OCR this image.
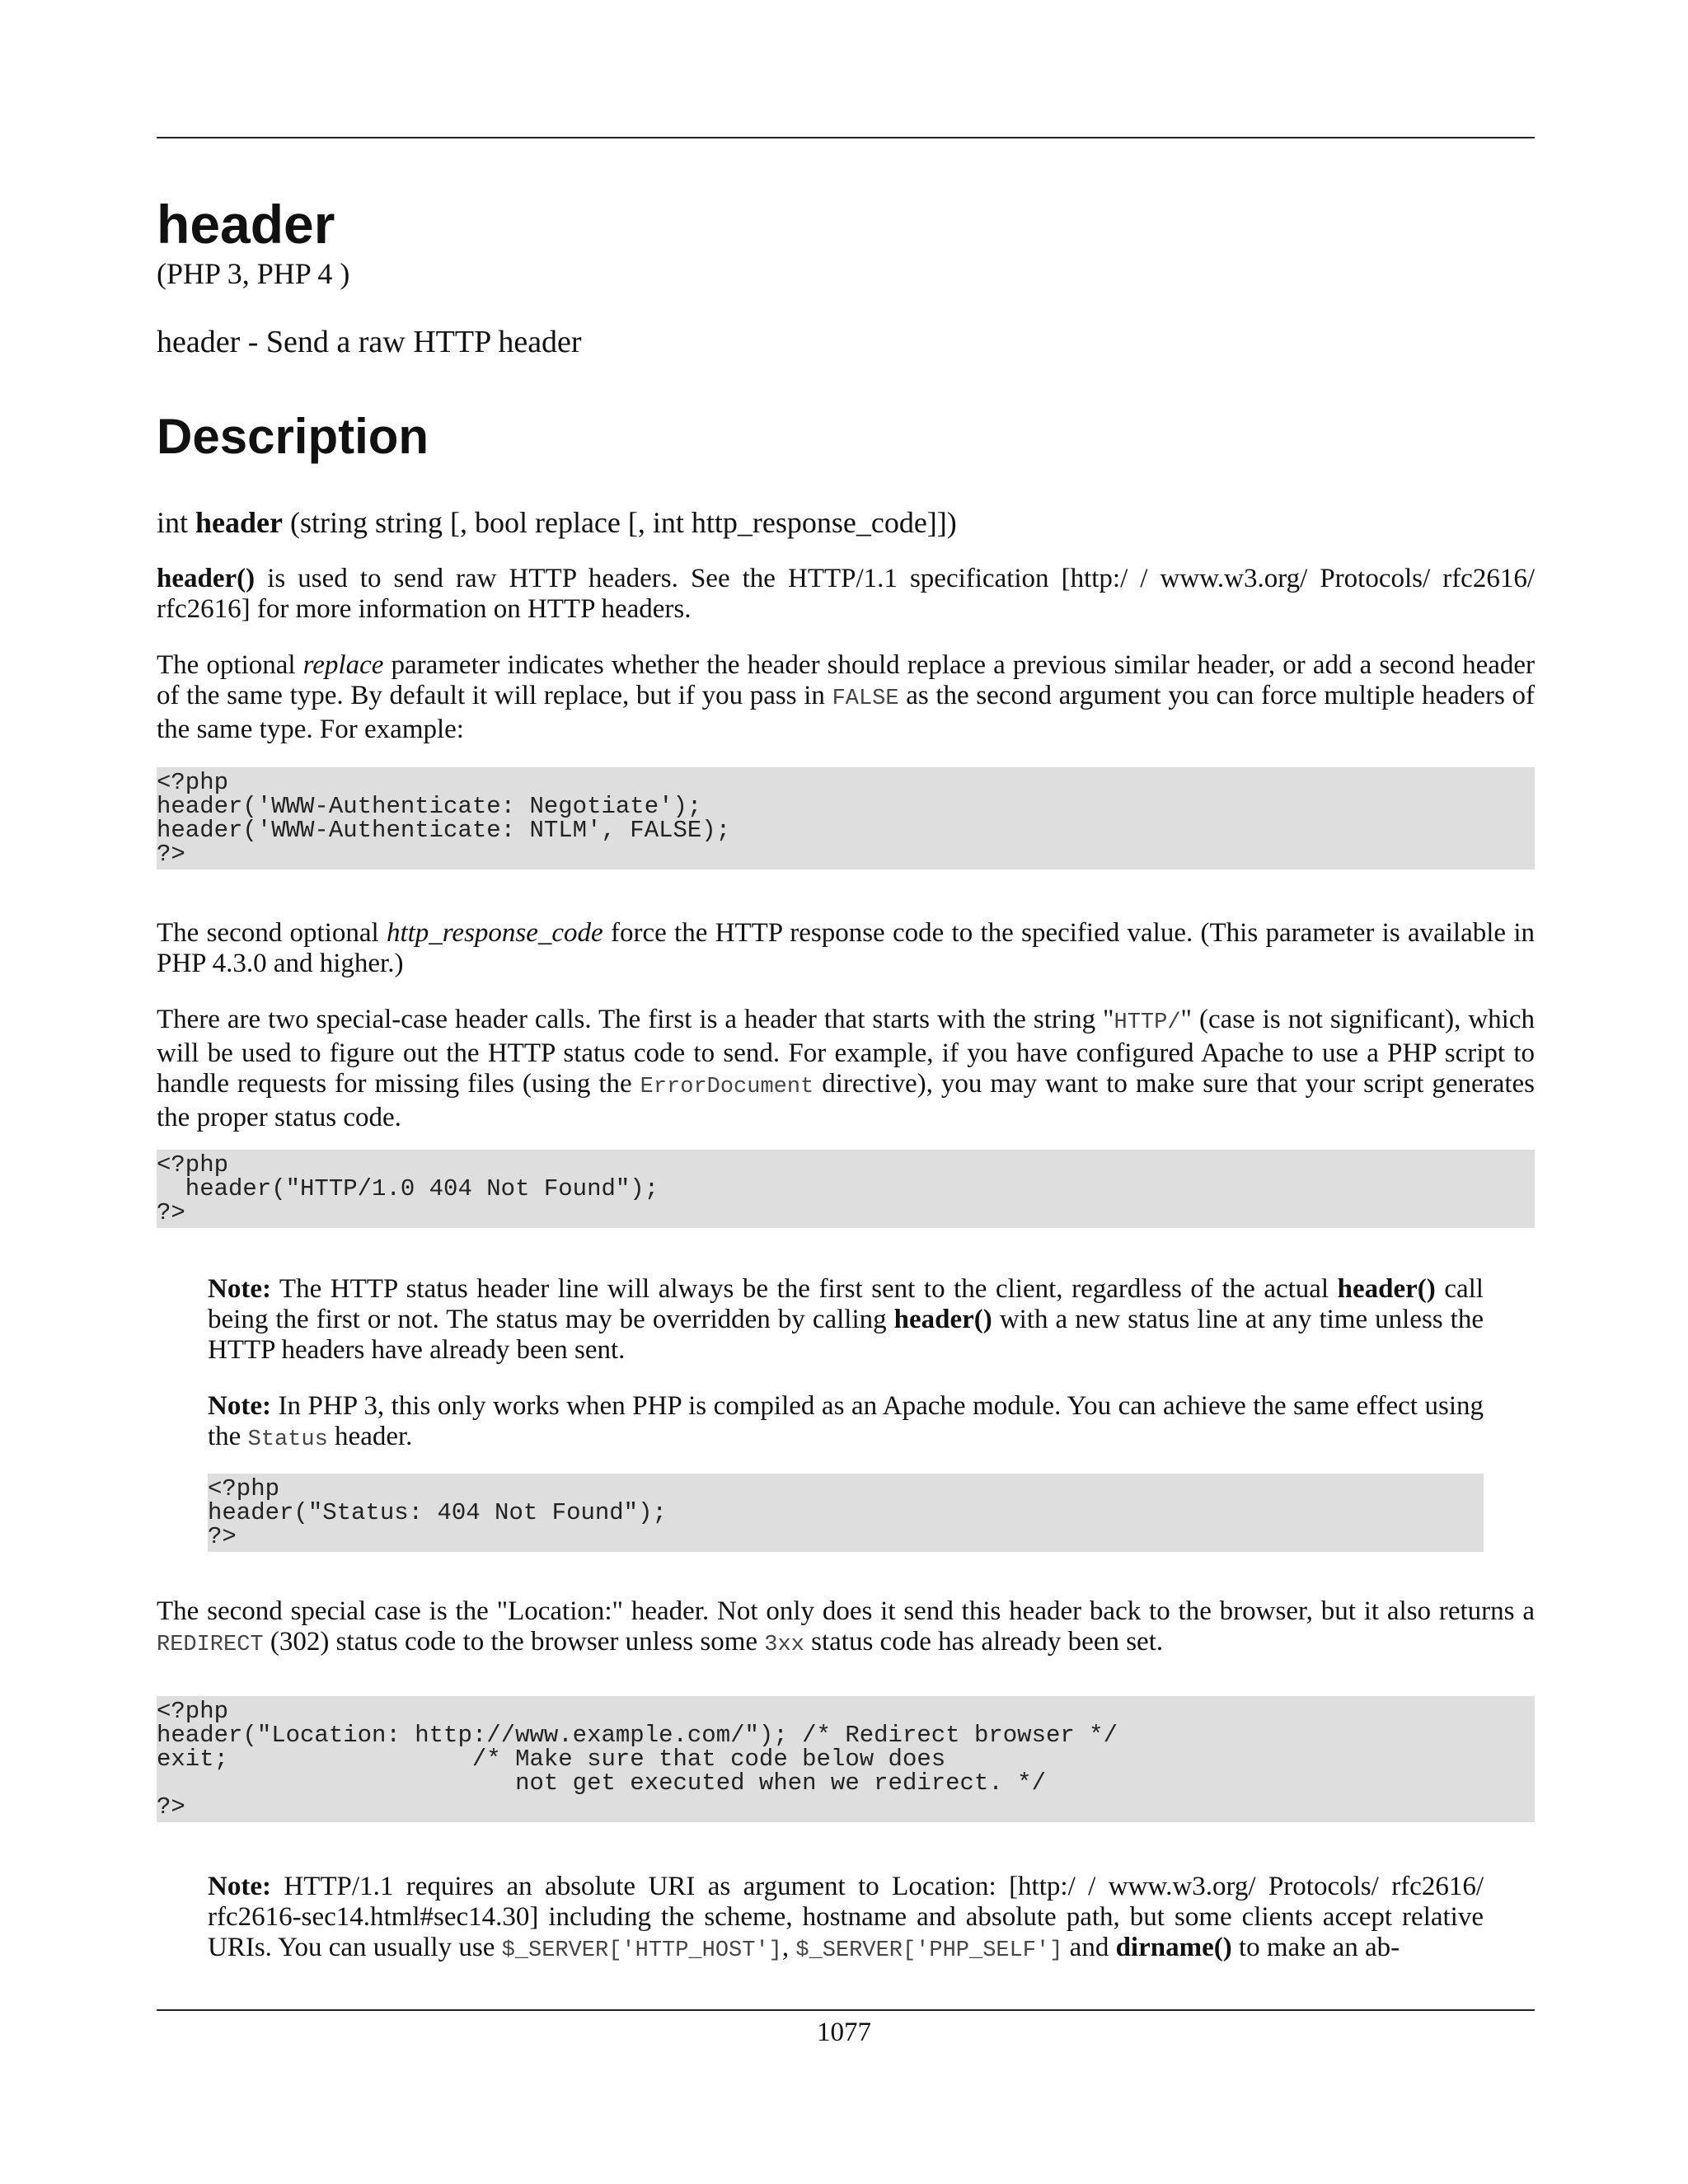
header
(PHP 3, PHP 4 )
header - Send a raw HTTP header
Description

int header (string string [, bool replace [, int http_response_code]])

header() is used to send raw HTTP headers. See the HTTP/1.1 specification [http:/ / www.w3.org/ Protocols/ rfc2616/ rfc2616] for more information on HTTP headers.

The optional replace parameter indicates whether the header should replace a previous similar header, or add a second header of the same type. By default it will replace, but if you pass in FALSE as the second argument you can force multiple headers of the same type. For example:

<?php
header('WWW-Authenticate: Negotiate');
header('WWW-Authenticate: NTLM', FALSE);
?>

The second optional http_response_code force the HTTP response code to the specified value. (This parameter is available in PHP 4.3.0 and higher.)

There are two special-case header calls. The first is a header that starts with the string "HTTP/" (case is not significant), which will be used to figure out the HTTP status code to send. For example, if you have configured Apache to use a PHP script to handle requests for missing files (using the ErrorDocument directive), you may want to make sure that your script generates the proper status code.

<?php
header("HTTP/1.0 404 Not Found");
?>

Note: The HTTP status header line will always be the first sent to the client, regardless of the actual header() call being the first or not. The status may be overridden by calling header() with a new status line at any time unless the HTTP headers have already been sent.

Note: In PHP 3, this only works when PHP is compiled as an Apache module. You can achieve the same effect using the Status header.

<?php
header("Status: 404 Not Found");
?>

The second special case is the "Location:" header. Not only does it send this header back to the browser, but it also returns a REDIRECT (302) status code to the browser unless some 3xx status code has already been set.

<?php
header("Location: http://www.example.com/"); /* Redirect browser */
exit;                 /* Make sure that code below does
not get executed when we redirect. */
?>

Note: HTTP/1.1 requires an absolute URI as argument to Location: [http:/ / www.w3.org/ Protocols/ rfc2616/ rfc2616-sec14.html#sec14.30] including the scheme, hostname and absolute path, but some clients accept relative URIs. You can usually use $_SERVER['HTTP_HOST'], $_SERVER['PHP_SELF'] and dirname() to make an ab-

1077
